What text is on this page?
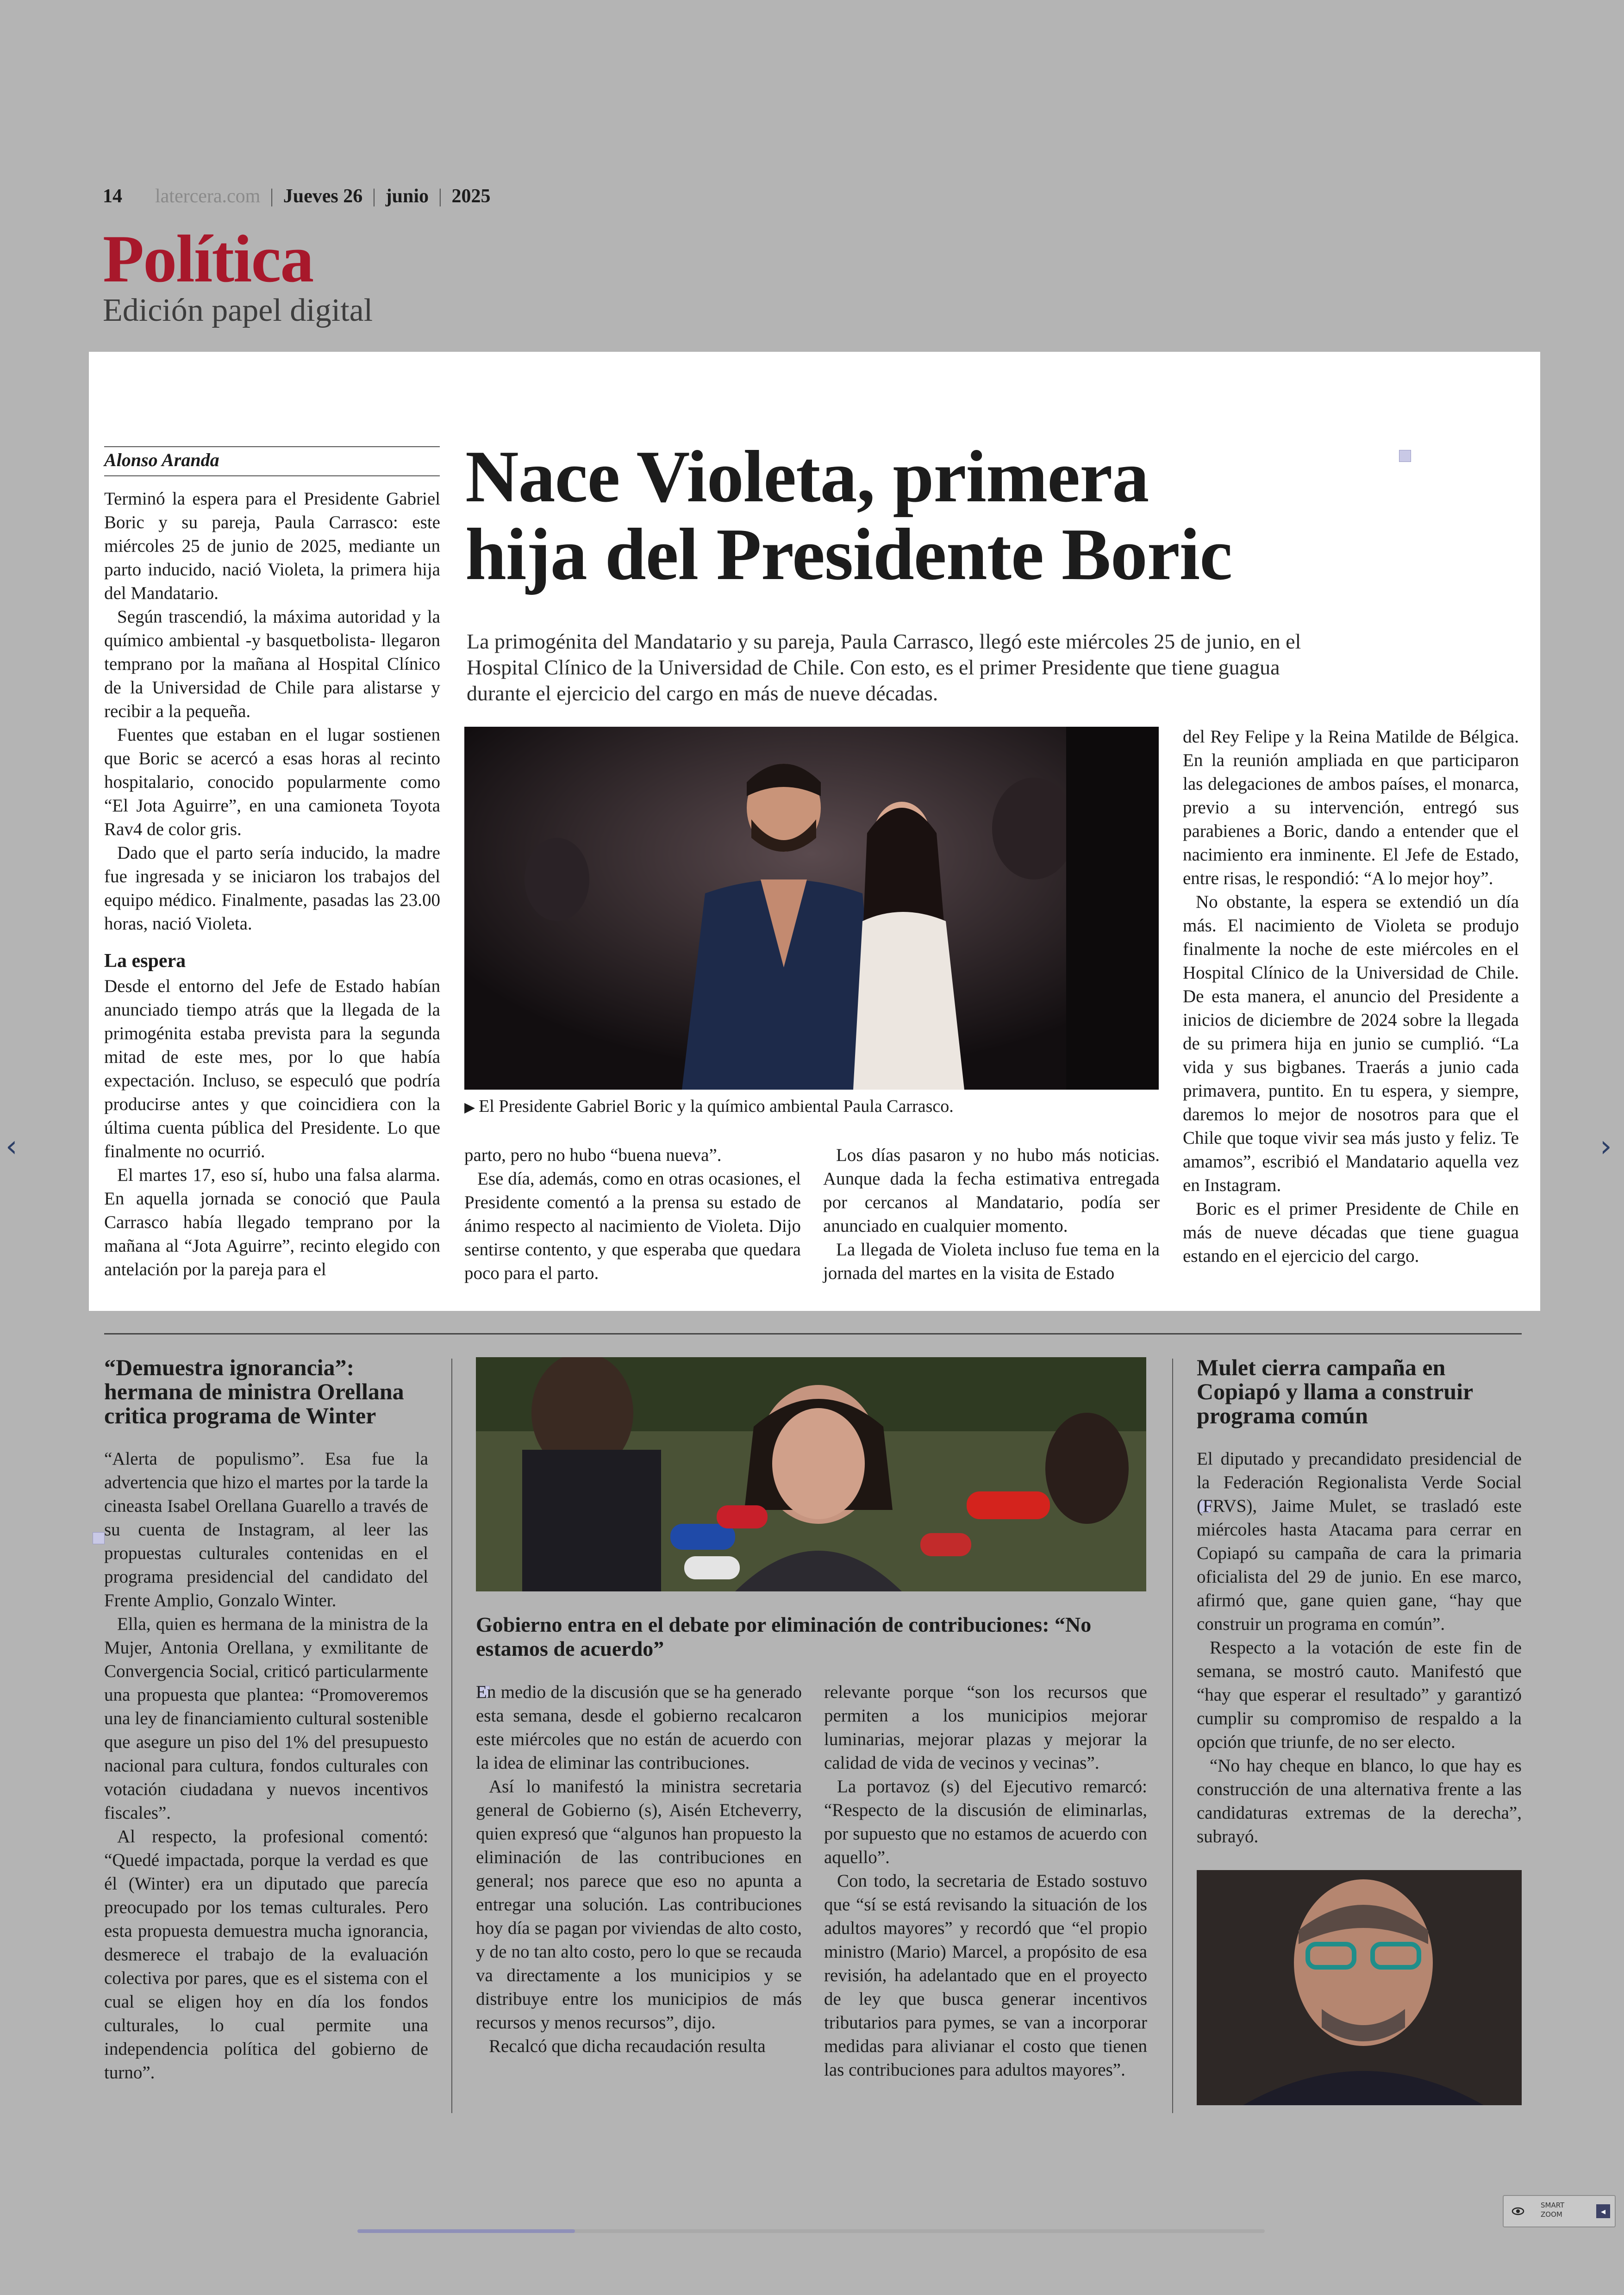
14 latercera.com | Jueves 26 | junio | 2025
Política
Edición papel digital
Alonso Aranda

Terminó la espera para el Presidente Gabriel Boric y su pareja, Paula Carrasco: este miércoles 25 de junio de 2025, mediante un parto inducido, nació Violeta, la primera hija del Mandatario.

Según trascendió, la máxima autoridad y la químico ambiental -y basquetbolista- llegaron temprano por la mañana al Hospital Clínico de la Universidad de Chile para alistarse y recibir a la pequeña.

Fuentes que estaban en el lugar sostienen que Boric se acercó a esas horas al recinto hospitalario, conocido popularmente como “El Jota Aguirre”, en una camioneta Toyota Rav4 de color gris.

Dado que el parto sería inducido, la madre fue ingresada y se iniciaron los trabajos del equipo médico. Finalmente, pasadas las 23.00 horas, nació Violeta.

La espera

Desde el entorno del Jefe de Estado habían anunciado tiempo atrás que la llegada de la primogénita estaba prevista para la segunda mitad de este mes, por lo que había expectación. Incluso, se especuló que podría producirse antes y que coincidiera con la última cuenta pública del Presidente. Lo que finalmente no ocurrió.

El martes 17, eso sí, hubo una falsa alarma. En aquella jornada se conoció que Paula Carrasco había llegado temprano por la mañana al “Jota Aguirre”, recinto elegido con antelación por la pareja para el

Nace Violeta, primera
hija del Presidente Boric
La primogénita del Mandatario y su pareja, Paula Carrasco, llegó este miércoles 25 de junio, en el Hospital Clínico de la Universidad de Chile. Con esto, es el primer Presidente que tiene guagua durante el ejercicio del cargo en más de nueve décadas.
▶ El Presidente Gabriel Boric y la químico ambiental Paula Carrasco.

parto, pero no hubo “buena nueva”.

Ese día, además, como en otras ocasiones, el Presidente comentó a la prensa su estado de ánimo respecto al nacimiento de Violeta. Dijo sentirse contento, y que esperaba que quedara poco para el parto.

Los días pasaron y no hubo más noticias. Aunque dada la fecha estimativa entregada por cercanos al Mandatario, podía ser anunciado en cualquier momento.

La llegada de Violeta incluso fue tema en la jornada del martes en la visita de Estado

del Rey Felipe y la Reina Matilde de Bélgica. En la reunión ampliada en que participaron las delegaciones de ambos países, el monarca, previo a su intervención, entregó sus parabienes a Boric, dando a entender que el nacimiento era inminente. El Jefe de Estado, entre risas, le respondió: “A lo mejor hoy”.

No obstante, la espera se extendió un día más. El nacimiento de Violeta se produjo finalmente la noche de este miércoles en el Hospital Clínico de la Universidad de Chile. De esta manera, el anuncio del Presidente a inicios de diciembre de 2024 sobre la llegada de su primera hija en junio se cumplió. “La vida y sus bigbanes. Traerás a junio cada primavera, puntito. En tu espera, y siempre, daremos lo mejor de nosotros para que el Chile que toque vivir sea más justo y feliz. Te amamos”, escribió el Mandatario aquella vez en Instagram.

Boric es el primer Presidente de Chile en más de nueve décadas que tiene guagua estando en el ejercicio del cargo.

“Demuestra ignorancia”: hermana de ministra Orellana critica programa de Winter

“Alerta de populismo”. Esa fue la advertencia que hizo el martes por la tarde la cineasta Isabel Orellana Guarello a través de su cuenta de Instagram, al leer las propuestas culturales contenidas en el programa presidencial del candidato del Frente Amplio, Gonzalo Winter.

Ella, quien es hermana de la ministra de la Mujer, Antonia Orellana, y exmilitante de Convergencia Social, criticó particularmente una propuesta que plantea: “Promoveremos una ley de financiamiento cultural sostenible que asegure un piso del 1% del presupuesto nacional para cultura, fondos culturales con votación ciudadana y nuevos incentivos fiscales”.

Al respecto, la profesional comentó: “Quedé impactada, porque la verdad es que él (Winter) era un diputado que parecía preocupado por los temas culturales. Pero esta propuesta demuestra mucha ignorancia, desmerece el trabajo de la evaluación colectiva por pares, que es el sistema con el cual se eligen hoy en día los fondos culturales, lo cual permite una independencia política del gobierno de turno”.

Gobierno entra en el debate por eliminación de contribuciones: “No estamos de acuerdo”

En medio de la discusión que se ha generado esta semana, desde el gobierno recalcaron este miércoles que no están de acuerdo con la idea de eliminar las contribuciones.

Así lo manifestó la ministra secretaria general de Gobierno (s), Aisén Etcheverry, quien expresó que “algunos han propuesto la eliminación de las contribuciones en general; nos parece que eso no apunta a entregar una solución. Las contribuciones hoy día se pagan por viviendas de alto costo, y de no tan alto costo, pero lo que se recauda va directamente a los municipios y se distribuye entre los municipios de más recursos y menos recursos”, dijo.

Recalcó que dicha recaudación resulta

relevante porque “son los recursos que permiten a los municipios mejorar luminarias, mejorar plazas y mejorar la calidad de vida de vecinos y vecinas”.

La portavoz (s) del Ejecutivo remarcó: “Respecto de la discusión de eliminarlas, por supuesto que no estamos de acuerdo con aquello”.

Con todo, la secretaria de Estado sostuvo que “sí se está revisando la situación de los adultos mayores” y recordó que “el propio ministro (Mario) Marcel, a propósito de esa revisión, ha adelantado que en el proyecto de ley que busca generar incentivos tributarios para pymes, se van a incorporar medidas para alivianar el costo que tienen las contribuciones para adultos mayores”.

Mulet cierra campaña en Copiapó y llama a construir programa común

El diputado y precandidato presidencial de la Federación Regionalista Verde Social (FRVS), Jaime Mulet, se trasladó este miércoles hasta Atacama para cerrar en Copiapó su campaña de cara la primaria oficialista del 29 de junio. En ese marco, afirmó que, gane quien gane, “hay que construir un programa en común”.

Respecto a la votación de este fin de semana, se mostró cauto. Manifestó que “hay que esperar el resultado” y garantizó cumplir su compromiso de respaldo a la opción que triunfe, de no ser electo.

“No hay cheque en blanco, lo que hay es construcción de una alternativa frente a las candidaturas extremas de la derecha”, subrayó.

‹	›
SMART
ZOOM	◂
